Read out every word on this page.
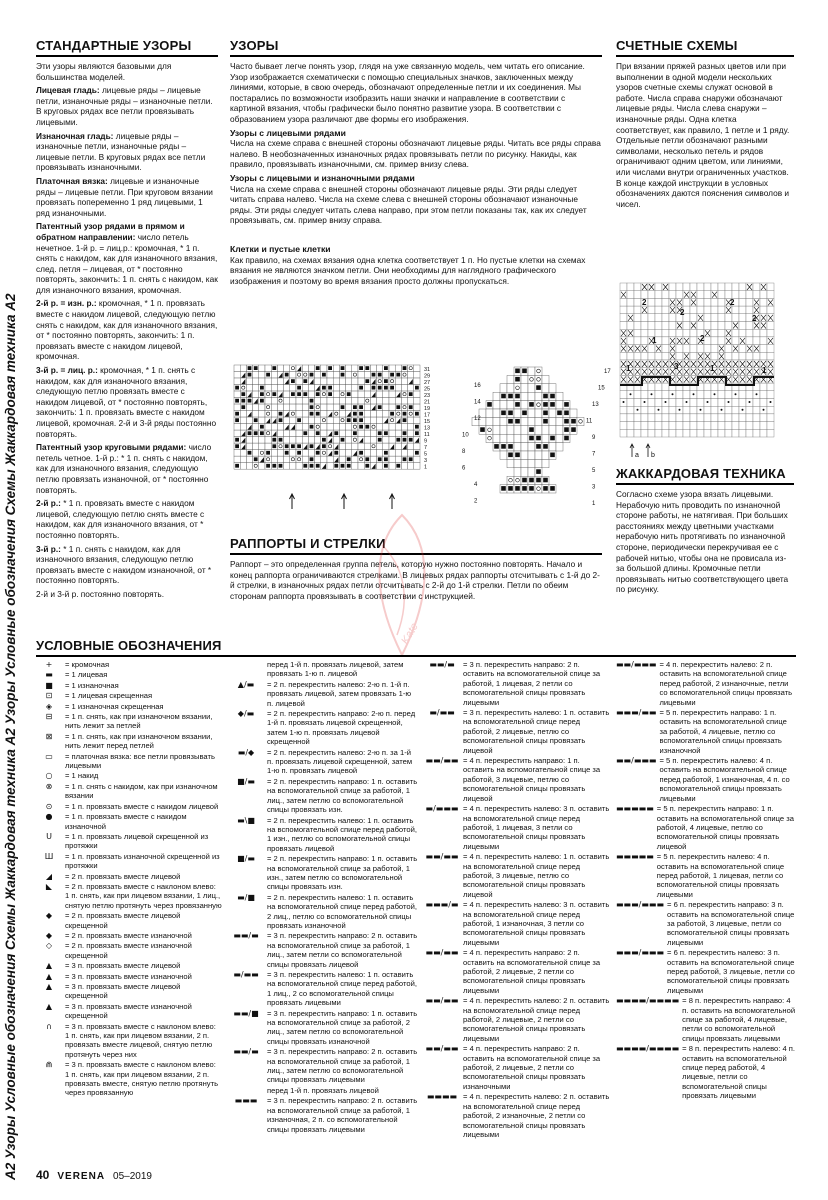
A2 Узоры Условные обозначения Схемы Жаккардовая техника A2 Узоры Условные обозначения Схемы Жаккардовая техника A2
СТАНДАРТНЫЕ УЗОРЫ

Эти узоры являются базовыми для большинства моделей.

Лицевая гладь: лицевые ряды – лицевые петли, изнаночные ряды – изнаночные петли. В круговых рядах все петли провязывать лицевыми.

Изнаночная гладь: лицевые ряды – изнаночные петли, изнаночные ряды – лицевые петли. В круговых рядах все петли провязывать изнаночными.

Платочная вязка: лицевые и изнаночные ряды – лицевые петли. При круговом вязании провязать попеременно 1 ряд лицевыми, 1 ряд изнаночными.

Патентный узор рядами в прямом и обратном направлении: число петель нечетное. 1-й р. = лиц.р.: кромочная, * 1 п. снять с накидом, как для изнаночного вязания, след. петля – лицевая, от * постоянно повторять, закончить: 1 п. снять с накидом, как для изнаночного вязания, кромочная.

2-й р. = изн. р.: кромочная, * 1 п. провязать вместе с накидом лицевой, следующую петлю снять с накидом, как для изнаночного вязания, от * постоянно повторять, закончить: 1 п. провязать вместе с накидом лицевой, кромочная.

3-й р. = лиц. р.: кромочная, * 1 п. снять с накидом, как для изнаночного вязания, следующую петлю провязать вместе с накидом лицевой, от * постоянно повторять, закончить: 1 п. провязать вместе с накидом лицевой, кромочная. 2-й и 3-й ряды постоянно повторять.

Патентный узор круговыми рядами: число петель четное. 1-й р.: * 1 п. снять с накидом, как для изнаночного вязания, следующую петлю провязать изнаночной, от * постоянно повторять.

2-й р.: * 1 п. провязать вместе с накидом лицевой, следующую петлю снять вместе с накидом, как для изнаночного вязания, от * постоянно повторять.

3-й р.: * 1 п. снять с накидом, как для изнаночного вязания, следующую петлю провязать вместе с накидом изнаночной, от * постоянно повторять.

2-й и 3-й р. постоянно повторять.

УЗОРЫ

Часто бывает легче понять узор, глядя на уже связанную модель, чем читать его описание. Узор изображается схематически с помощью специальных значков, заключенных между линиями, которые, в свою очередь, обозначают определенные петли и их соединения. Мы постарались по возможности изобразить наши значки и направление в соответствии с картиной вязания, чтобы графически было понятно развитие узора. В соответствии с образованием узора различают две формы его изображения.

Узоры с лицевыми рядами

Числа на схеме справа с внешней стороны обозначают лицевые ряды. Читать все ряды справа налево. В необозначенных изнаночных рядах провязывать петли по рисунку. Накиды, как правило, провязывать изнаночными, см. пример внизу слева.

Узоры с лицевыми и изнаночными рядами

Числа на схеме справа с внешней стороны обозначают лицевые ряды. Эти ряды следует читать справа налево. Числа на схеме слева с внешней стороны обозначают изнаночные ряды. Эти ряды следует читать слева направо, при этом петли показаны так, как их следует провязывать, см. пример внизу справа.

Клетки и пустые клетки

Как правило, на схемах вязания одна клетка соответствует 1 п. Но пустые клетки на схемах вязания не являются значком петли. Они необходимы для наглядного графического изображения и поэтому во время вязания просто должны пропускаться.

31
29
27
25
23
21
19
17
15
13
11
9
7
5
3
1
17
15
13
11
9
7
5
3
1
16
14
12
10
8
6
4
2
РАППОРТЫ И СТРЕЛКИ

Раппорт – это определенная группа петель, которую нужно постоянно повторять. Начало и конец раппорта ограничиваются стрелками. В лицевых рядах раппорты отсчитывать с 1-й до 2-й стрелки, в изнаночных рядах петли отсчитывать с 2-й до 1-й стрелки. Петли по обеим сторонам раппорта провязывать в соответствии с инструкцией.

Kate
СЧЕТНЫЕ СХЕМЫ

При вязании пряжей разных цветов или при выполнении в одной модели нескольких узоров счетные схемы служат основой в работе. Числа справа снаружи обозначают лицевые ряды. Числа слева снаружи – изнаночные ряды. Одна клетка соответствует, как правило, 1 петле и 1 ряду. Отдельные петли обозначают разными символами, несколько петель и рядов ограничивают одним цветом, или линиями, или числами внутри ограниченных участков. В конце каждой инструкции в условных обозначениях даются пояснения символов и чисел.

2
2
2
2
2
1
1	3	1	1
a b
ЖАККАРДОВАЯ ТЕХНИКА

Согласно схеме узора вязать лицевыми. Нерабочую нить проводить по изнаночной стороне работы, не натягивая. При больших расстояниях между цветными участками нерабочую нить протягивать по изнаночной стороне, периодически перекручивая ее с рабочей нитью, чтобы она не провисала из-за большой длины. Кромочные петли провязывать нитью соответствующего цвета по рисунку.

УСЛОВНЫЕ ОБОЗНАЧЕНИЯ
+	= кромочная
▬	= 1 лицевая
■	= 1 изнаночная
⊡	= 1 лицевая скрещенная
◈	= 1 изнаночная скрещенная
⊟	= 1 п. снять, как при изнаночном вязании, нить лежит за петлей
⊠	= 1 п. снять, как при изнаночном вязании, нить лежит перед петлей
▭	= платочная вязка: все петли провязывать лицевыми
○	= 1 накид
⊗	= 1 п. снять с накидом, как при изнаночном вязании
⊙	= 1 п. провязать вместе с накидом лицевой
●	= 1 п. провязать вместе с накидом изнаночной
U	= 1 п. провязать лицевой скрещенной из протяжки
Ш	= 1 п. провязать изнаночной скрещенной из протяжки
◢	= 2 п. провязать вместе лицевой
◣	= 2 п. провязать вместе с наклоном влево: 1 п. снять, как при лицевом вязании, 1 лиц., снятую петлю протянуть через провязанную
◆	= 2 п. провязать вместе лицевой скрещенной
◆	= 2 п. провязать вместе изнаночной
◇	= 2 п. провязать вместе изнаночной скрещенной
▲	= 3 п. провязать вместе лицевой
▲	= 3 п. провязать вместе изнаночной
▲	= 3 п. провязать вместе лицевой скрещенной
▲	= 3 п. провязать вместе изнаночной скрещенной
∩	= 3 п. провязать вместе с наклоном влево: 1 п. снять, как при лицевом вязании, 2 п. провязать вместе лицевой, снятую петлю протянуть через них
⋒	= 3 п. провязать вместе с наклоном влево: 1 п. снять, как при лицевом вязании, 2 п. провязать вместе, снятую петлю протянуть через провязанную
перед 1-й п. провязать лицевой, затем провязать 1-ю п. лицевой
▲/▬	= 2 п. перекрестить налево: 2-ю п. 1-й п. провязать лицевой, затем провязать 1-ю п. лицевой
◆/▬	= 2 п. перекрестить направо: 2-ю п. перед 1-й п. провязать лицевой скрещенной, затем 1-ю п. провязать лицевой скрещенной
▬/◆	= 2 п. перекрестить налево: 2-ю п. за 1-й п. провязать лицевой скрещенной, затем 1-ю п. провязать лицевой
■/▬	= 2 п. перекрестить направо: 1 п. оставить на вспомогательной спице за работой, 1 лиц., затем петлю со вспомогательной спицы провязать изн.
▬\■	= 2 п. перекрестить налево: 1 п. оставить на вспомогательной спице перед работой, 1 изн., петлю со вспомогательной спицы провязать лицевой
■/▬	= 2 п. перекрестить направо: 1 п. оставить на вспомогательной спице за работой, 1 изн., затем петлю со вспомогательной спицы провязать изн.
▬/■	= 2 п. перекрестить налево: 1 п. оставить на вспомогательной спице перед работой, 2 лиц., петлю со вспомогательной спицы провязать изнаночной
▬▬/▬	= 3 п. перекрестить направо: 2 п. оставить на вспомогательной спице за работой, 1 лиц., затем петли со вспомогательной спицы провязать лицевой
▬/▬▬	= 3 п. перекрестить налево: 1 п. оставить на вспомогательной спице перед работой, 1 лиц., 2 со вспомогательной спицы провязать лицевыми
▬▬/■	= 3 п. перекрестить направо: 1 п. оставить на вспомогательной спице за работой, 2 лиц., затем петлю со вспомогательной спицы провязать изнаночной
▬▬/▬	= 3 п. перекрестить направо: 2 п. оставить на вспомогательной спице за работой, 1 лиц., затем петлю со вспомогательной спицы провязать лицевыми
перед 1-й п. провязать лицевой
▬▬▬	= 3 п. перекрестить направо: 2 п. оставить на вспомогательной спице за работой, 1 изнаночная, 2 п. со вспомогательной спицы провязать лицевыми
▬▬/▬	= 3 п. перекрестить направо: 2 п. оставить на вспомогательной спице за работой, 1 лицевая, 2 петли со вспомогательной спицы провязать лицевыми
▬/▬▬	= 3 п. перекрестить налево: 1 п. оставить на вспомогательной спице перед работой, 2 лицевые, петлю со вспомогательной спицы провязать лицевой
▬▬/▬▬ = 4 п. перекрестить направо: 1 п. оставить на вспомогательной спице за работой, 3 лицевые, петлю со вспомогательной спицы провязать лицевой
▬/▬▬▬ = 4 п. перекрестить налево: 3 п. оставить на вспомогательной спице перед работой, 1 лицевая, 3 петли со вспомогательной спицы провязать лицевыми
▬▬/▬▬ = 4 п. перекрестить налево: 1 п. оставить на вспомогательной спице перед работой, 3 лицевые, петлю со вспомогательной спицы провязать лицевой
▬▬▬/▬ = 4 п. перекрестить налево: 3 п. оставить на вспомогательной спице перед работой, 1 изнаночная, 3 петли со вспомогательной спицы провязать лицевыми
▬▬/▬▬ = 4 п. перекрестить направо: 2 п. оставить на вспомогательной спице за работой, 2 лицевые, 2 петли со вспомогательной спицы провязать лицевыми
▬▬/▬▬ = 4 п. перекрестить налево: 2 п. оставить на вспомогательной спице перед работой, 2 лицевые, 2 петли со вспомогательной спицы провязать лицевыми
▬▬/▬▬ = 4 п. перекрестить направо: 2 п. оставить на вспомогательной спице за работой, 2 лицевые, 2 петли со вспомогательной спицы провязать изнаночными
▬▬▬▬ = 4 п. перекрестить налево: 2 п. оставить на вспомогательной спице перед работой, 2 изнаночные, 2 петли со вспомогательной спицы провязать лицевыми
▬▬/▬▬▬ = 4 п. перекрестить налево: 2 п. оставить на вспомогательной спице перед работой, 2 изнаночные, петли со вспомогательной спицы провязать лицевыми
▬▬▬/▬▬ = 5 п. перекрестить направо: 1 п. оставить на вспомогательной спице за работой, 4 лицевые, петлю со вспомогательной спицы провязать изнаночной
▬▬/▬▬▬ = 5 п. перекрестить налево: 4 п. оставить на вспомогательной спице перед работой, 1 изнаночная, 4 п. со вспомогательной спицы провязать лицевыми
▬▬▬▬▬ = 5 п. перекрестить направо: 1 п. оставить на вспомогательной спице за работой, 4 лицевые, петлю со вспомогательной спицы провязать лицевой
▬▬▬▬▬ = 5 п. перекрестить налево: 4 п. оставить на вспомогательной спице перед работой, 1 лицевая, петли со вспомогательной спицы провязать лицевыми
▬▬▬/▬▬▬ = 6 п. перекрестить направо: 3 п. оставить на вспомогательной спице за работой, 3 лицевые, петли со вспомогательной спицы провязать лицевыми
▬▬▬/▬▬▬ = 6 п. перекрестить налево: 3 п. оставить на вспомогательной спице перед работой, 3 лицевые, петли со вспомогательной спицы провязать лицевыми
▬▬▬▬/▬▬▬▬ = 8 п. перекрестить направо: 4 п. оставить на вспомогательной спице за работой, 4 лицевые, петли со вспомогательной спицы провязать лицевыми
▬▬▬▬/▬▬▬▬ = 8 п. перекрестить налево: 4 п. оставить на вспомогательной спице перед работой, 4 лицевые, петли со вспомогательной спицы провязать лицевыми
40 VERENA 05–2019
